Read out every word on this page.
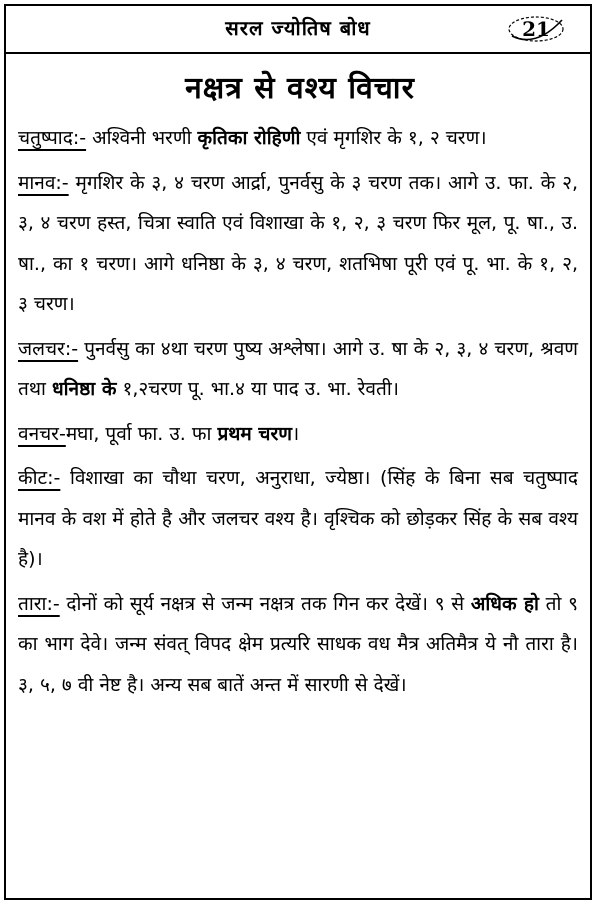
सरल ज्योतिष बोध	21
नक्षत्र से वश्य विचार

चतुष्पाद:- अश्विनी भरणी कृतिका रोहिणी एवं मृगशिर के १, २ चरण।

मानव:- मृगशिर के ३, ४ चरण आर्द्रा, पुनर्वसु के ३ चरण तक। आगे उ. फा. के २, ३, ४ चरण हस्त, चित्रा स्वाति एवं विशाखा के १, २, ३ चरण फिर मूल, पू. षा., उ. षा., का १ चरण। आगे धनिष्ठा के ३, ४ चरण, शतभिषा पूरी एवं पू. भा. के १, २, ३ चरण।

जलचर:- पुनर्वसु का ४था चरण पुष्य अश्लेषा। आगे उ. षा के २, ३, ४ चरण, श्रवण तथा धनिष्ठा के १,२चरण पू. भा.४ या पाद उ. भा. रेवती।

वनचर-मघा, पूर्वा फा. उ. फा प्रथम चरण।

कीट:- विशाखा का चौथा चरण, अनुराधा, ज्येष्ठा। (सिंह के बिना सब चतुष्पाद मानव के वश में होते है और जलचर वश्य है। वृश्चिक को छोड़कर सिंह के सब वश्य है)।

तारा:- दोनों को सूर्य नक्षत्र से जन्म नक्षत्र तक गिन कर देखें। ९ से अधिक हो तो ९ का भाग देवे। जन्म संवत् विपद क्षेम प्रत्यरि साधक वध मैत्र अतिमैत्र ये नौ तारा है। ३, ५, ७ वी नेष्ट है। अन्य सब बातें अन्त में सारणी से देखें।
